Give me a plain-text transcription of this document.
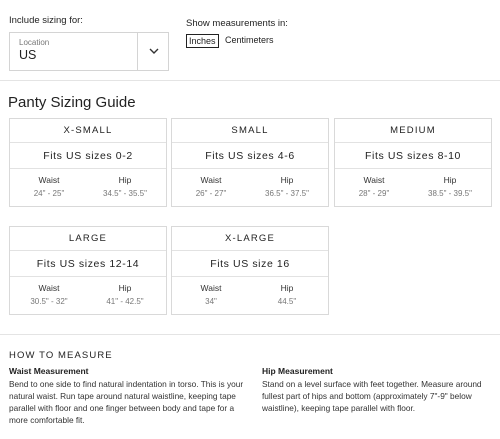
Include sizing for:
Location
US
Show measurements in:
Inches	Centimeters
Panty Sizing Guide
X-SMALL
Fits US sizes 0-2
Waist	Hip
24" - 25"	34.5" - 35.5"
SMALL
Fits US sizes 4-6
Waist	Hip
26" - 27"	36.5" - 37.5"
MEDIUM
Fits US sizes 8-10
Waist	Hip
28" - 29"	38.5" - 39.5"
LARGE
Fits US sizes 12-14
Waist	Hip
30.5" - 32"	41" - 42.5"
X-LARGE
Fits US size 16
Waist	Hip
34"	44.5"
HOW TO MEASURE
Waist Measurement
Bend to one side to find natural indentation in torso. This is your natural waist. Run tape around natural waistline, keeping tape parallel with floor and one finger between body and tape for a more comfortable fit.
Hip Measurement
Stand on a level surface with feet together. Measure around fullest part of hips and bottom (approximately 7"-9" below waistline), keeping tape parallel with floor.
